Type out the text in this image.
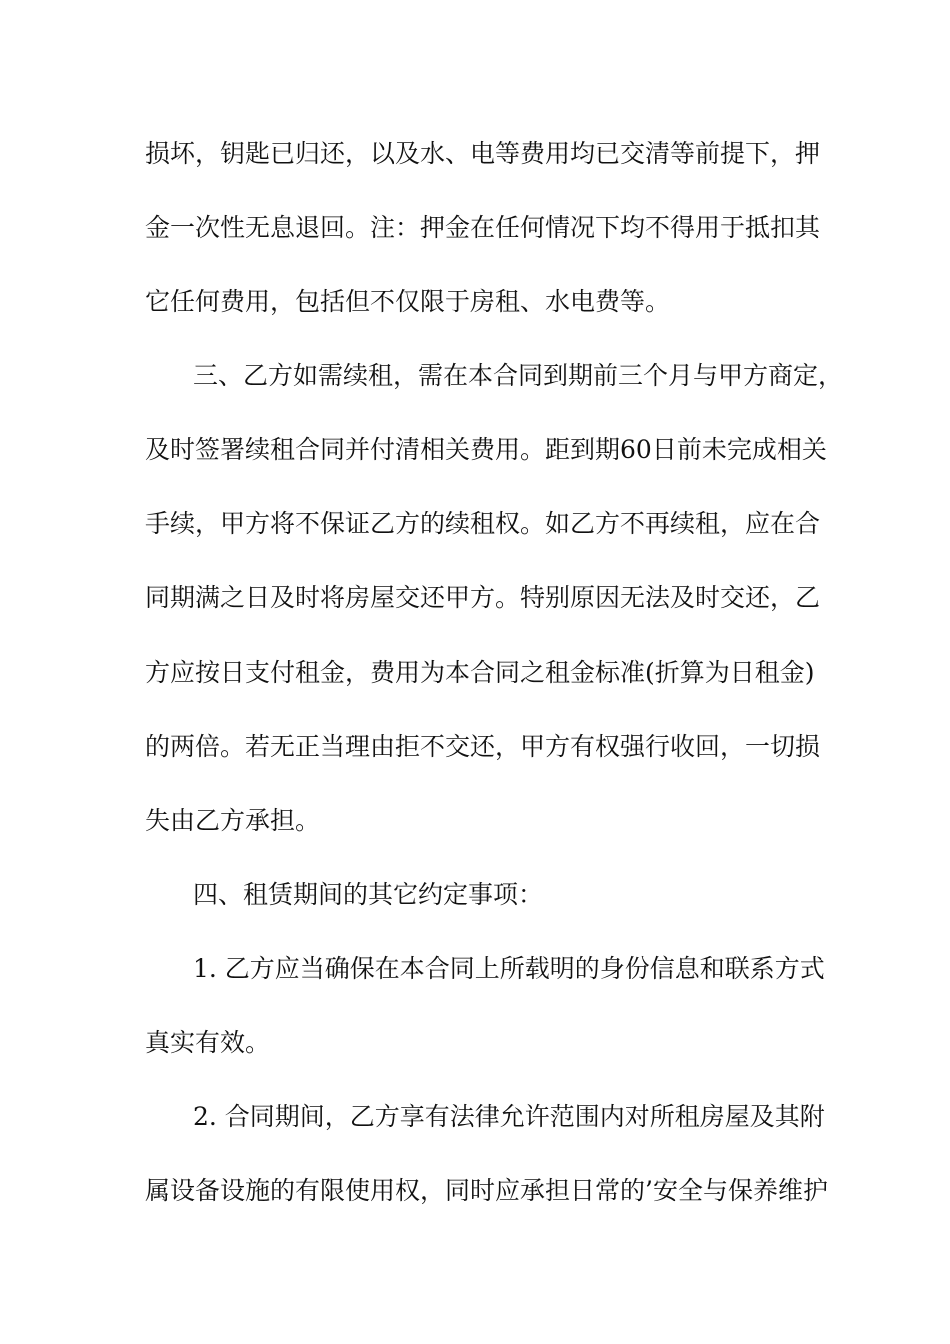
损坏，钥匙已归还，以及水、电等费用均已交清等前提下，押
金一次性无息退回。注：押金在任何情况下均不得用于抵扣其
它任何费用，包括但不仅限于房租、水电费等。
三、乙方如需续租，需在本合同到期前三个月与甲方商定，
及时签署续租合同并付清相关费用。距到期60日前未完成相关
手续，甲方将不保证乙方的续租权。如乙方不再续租，应在合
同期满之日及时将房屋交还甲方。特别原因无法及时交还，乙
方应按日支付租金，费用为本合同之租金标准(折算为日租金)
的两倍。若无正当理由拒不交还，甲方有权强行收回，一切损
失由乙方承担。
四、租赁期间的其它约定事项：
1. 乙方应当确保在本合同上所载明的身份信息和联系方式
真实有效。
2. 合同期间，乙方享有法律允许范围内对所租房屋及其附
属设备设施的有限使用权，同时应承担日常的’安全与保养维护
